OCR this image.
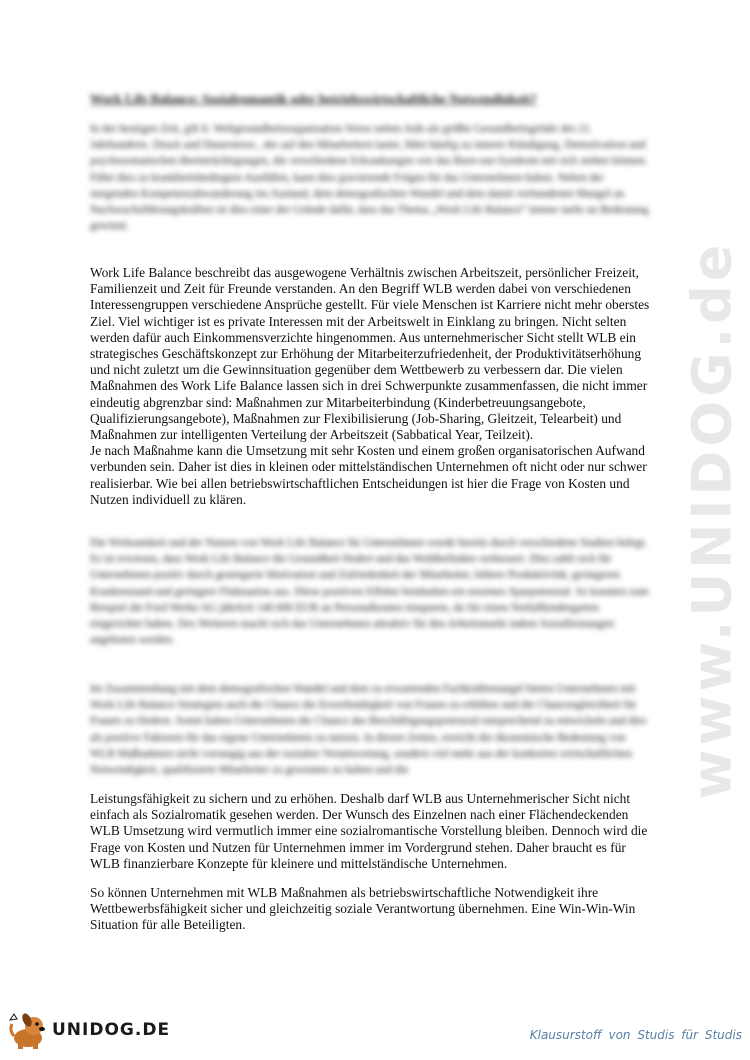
www.UNIDOG.de
Work Life Balance: Sozialromantik oder betriebswirtschaftliche Notwendigkeit?
In der heutigen Zeit, gilt lt. Weltgesundheitsorganisation Stress neben Aids als größte Gesundheitsgefahr des 21. Jahrhunderts. Druck und Dauerstress , der auf den Mitarbeitern lastet, führt häufig zu innerer Kündigung, Demotivation und psychosomatischen Beeinträchtigungen, die verschiedene Erkrankungen wie das Burn-out-Syndrom mit sich ziehen können. Führt dies zu krankheitsbedingten Ausfällen, kann dies gravierende Folgen für das Unternehmen haben. Neben der steigenden Kompetenzabwanderung ins Ausland, dem demografischen Wandel und dem damit verbundenen Mangel an Nachwuchsführungskräften ist dies einer der Gründe dafür, dass das Thema „Work Life Balance“ immer mehr an Bedeutung gewinnt.

Work Life Balance beschreibt das ausgewogene Verhältnis zwischen Arbeitszeit, persönlicher Freizeit, Familienzeit und Zeit für Freunde verstanden. An den Begriff WLB werden dabei von verschiedenen Interessengruppen verschiedene Ansprüche gestellt. Für viele Menschen ist Karriere nicht mehr oberstes Ziel. Viel wichtiger ist es private Interessen mit der Arbeitswelt in Einklang zu bringen. Nicht selten werden dafür auch Einkommensverzichte hingenommen. Aus unternehmerischer Sicht stellt WLB ein strategisches Geschäftskonzept zur Erhöhung der Mitarbeiterzufriedenheit, der Produktivitätserhöhung und nicht zuletzt um die Gewinnsituation gegenüber dem Wettbewerb zu verbessern dar. Die vielen Maßnahmen des Work Life Balance lassen sich in drei Schwerpunkte zusammenfassen, die nicht immer eindeutig abgrenzbar sind: Maßnahmen zur Mitarbeiterbindung (Kinderbetreuungsangebote, Qualifizierungsangebote), Maßnahmen zur Flexibilisierung (Job-Sharing, Gleitzeit, Telearbeit) und Maßnahmen zur intelligenten Verteilung der Arbeitszeit (Sabbatical Year, Teilzeit).

Je nach Maßnahme kann die Umsetzung mit sehr Kosten und einem großen organisatorischen Aufwand verbunden sein. Daher ist dies in kleinen oder mittelständischen Unternehmen oft nicht oder nur schwer realisierbar. Wie bei allen betriebswirtschaftlichen Entscheidungen ist hier die Frage von Kosten und Nutzen individuell zu klären.

Die Wirksamkeit und der Nutzen von Work Life Balance für Unternehmen wurde bereits durch verschiedene Studien belegt. Es ist erwiesen, dass Work Life Balance die Gesundheit fördert und das Wohlbefinden verbessert. Dies zahlt sich für Unternehmen positiv durch gesteigerte Motivation und Zufriedenheit der Mitarbeiter, höhere Produktivität, geringeren Krankenstand und geringere Fluktuation aus. Diese positiven Effekte beinhalten ein enormes Sparpotenzial. So konnten zum Beispiel die Ford Werke AG jährlich 140.000 EUR an Personalkosten einsparen, da Sie einen Notfallkindergarten eingerichtet haben. Des Weiteren macht sich das Unternehmen attraktiv für den Arbeitsmarkt indem Sozialleistungen angeboten werden.
Im Zusammenhang mit dem demografischen Wandel und dem zu erwartenden Fachkräftemangel bieten Unternehmen mit Work Life Balance Strategien auch die Chance die Erwerbstätigkeit von Frauen zu erhöhen und die Chancengleichheit für Frauen zu fördern. Somit haben Unternehmen die Chance das Beschäftigungspotenzial entsprechend zu entwickeln und dies als positive Faktoren für das eigene Unternehmen zu nutzen. In diesen Zeiten, erreicht die ökonomische Bedeutung von WLB Maßnahmen nicht vorrangig aus der sozialen Verantwortung, sondern viel mehr aus der konkreten wirtschaftlichen Notwendigkeit, qualifizierte Mitarbeiter zu gewinnen zu halten und die
Leistungsfähigkeit zu sichern und zu erhöhen. Deshalb darf WLB aus Unternehmerischer Sicht nicht einfach als Sozialromatik gesehen werden. Der Wunsch des Einzelnen nach einer Flächendeckenden WLB Umsetzung wird vermutlich immer eine sozialromantische Vorstellung bleiben. Dennoch wird die Frage von Kosten und Nutzen für Unternehmen immer im Vordergrund stehen. Daher braucht es für WLB finanzierbare Konzepte für kleinere und mittelständische Unternehmen.
So können Unternehmen mit WLB Maßnahmen als betriebswirtschaftliche Notwendigkeit ihre Wettbewerbsfähigkeit sicher und gleichzeitig soziale Verantwortung übernehmen. Eine Win-Win-Win Situation für alle Beteiligten.
UNIDOG.DE	Klausurstoff von Studis für Studis
